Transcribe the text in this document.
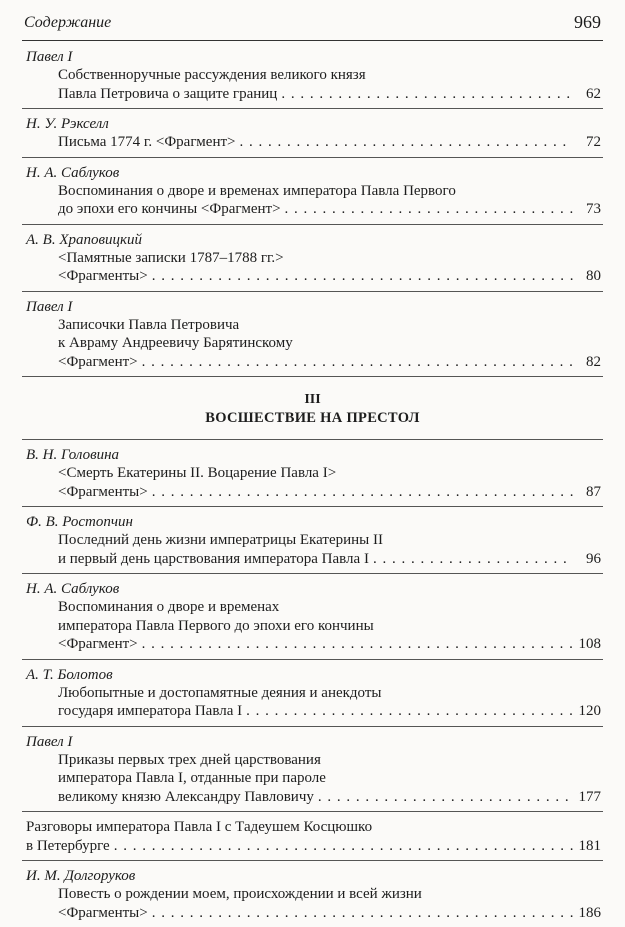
Содержание	969
Павел I
Собственноручные рассуждения великого князя
Павла Петровича о защите границ . . .	62
Н. У. Рэкселл
Письма 1774 г. <Фрагмент> . . .	72
Н. А. Саблуков
Воспоминания о дворе и временах императора Павла Первого
до эпохи его кончины <Фрагмент> . . .	73
А. В. Храповицкий
<Памятные записки 1787–1788 гг.>
<Фрагменты> . . .	80
Павел I
Записочки Павла Петровича
к Авраму Андреевичу Барятинскому
<Фрагмент> . . .	82
III
ВОСШЕСТВИЕ НА ПРЕСТОЛ
В. Н. Головина
<Смерть Екатерины II. Воцарение Павла I>
<Фрагменты> . . .	87
Ф. В. Ростопчин
Последний день жизни императрицы Екатерины II
и первый день царствования императора Павла I . . .	96
Н. А. Саблуков
Воспоминания о дворе и временах
императора Павла Первого до эпохи его кончины
<Фрагмент> . . .	108
А. Т. Болотов
Любопытные и достопамятные деяния и анекдоты
государя императора Павла I . . .	120
Павел I
Приказы первых трех дней царствования
императора Павла I, отданные при пароле
великому князю Александру Павловичу . . .	177
Разговоры императора Павла I с Тадеушем Косцюшко
в Петербурге . . .	181
И. М. Долгоруков
Повесть о рождении моем, происхождении и всей жизни
<Фрагменты> . . .	186
